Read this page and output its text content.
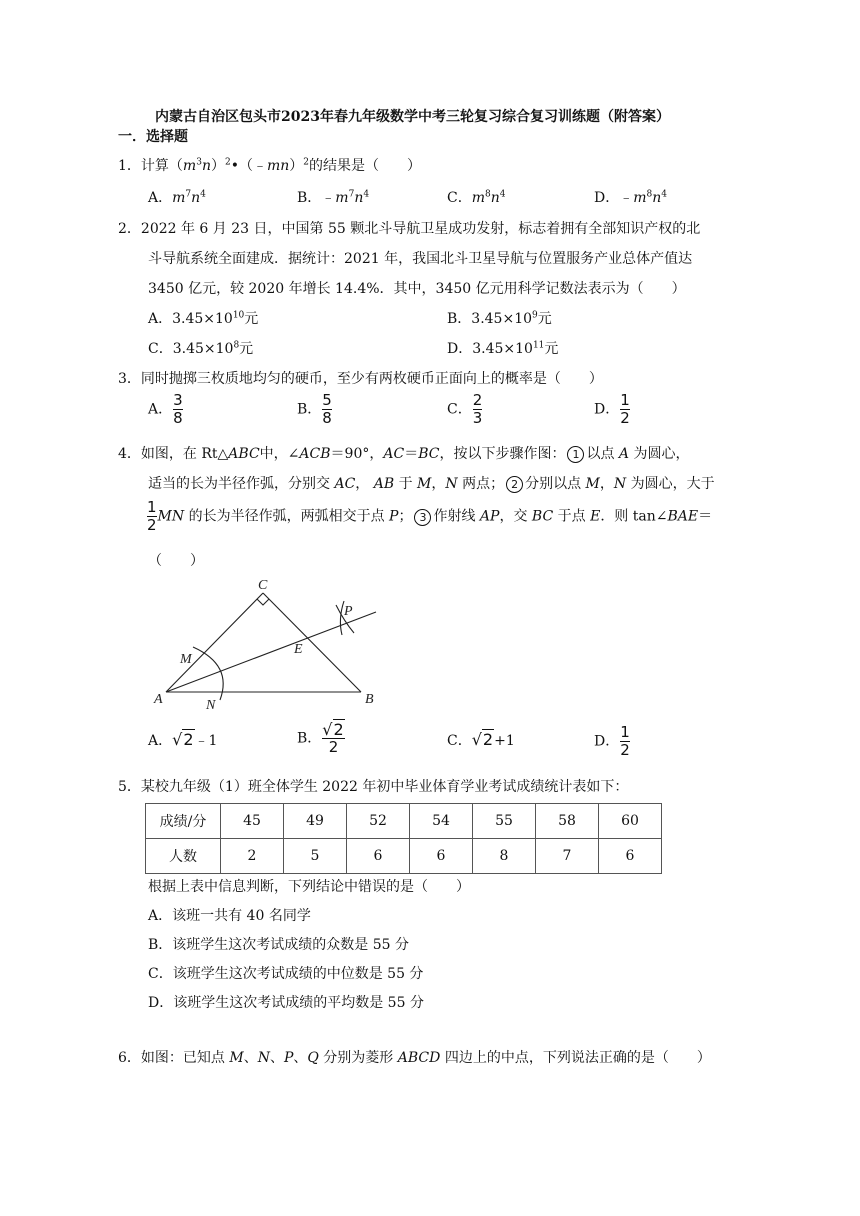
内蒙古自治区包头市2023年春九年级数学中考三轮复习综合复习训练题（附答案）
一．选择题
1．计算$(m^3n)^2•(﹣mn)^2$的结果是（　　）
A．$m^7n^4$	B．$﹣m^7n^4$	C．$m^8n^4$	D．$﹣m^8n^4$
2．2022 年 6 月 23 日，中国第 55 颗北斗导航卫星成功发射，标志着拥有全部知识产权的北
斗导航系统全面建成．据统计：2021 年，我国北斗卫星导航与位置服务产业总体产值达
3450 亿元，较 2020 年增长 14.4%．其中，3450 亿元用科学记数法表示为（　　）
A．$3.45\times 10^{10}$元	B．$3.45\times 10^9$元
C．$3.45\times 10^8$元	D．$3.45\times 10^{11}$元
3．同时抛掷三枚质地均匀的硬币，至少有两枚硬币正面向上的概率是（　　）
A． $\frac{3}{8}$	B． $\frac{5}{8}$	C． $\frac{2}{3}$	D． $\frac{1}{2}$
4．如图，在 Rt△ABC中，∠ACB＝90°，AC＝BC，按以下步骤作图： 1 以点 A 为圆心，
适当的长为半径作弧，分别交 AC， AB 于 M，N 两点； 2 分别以点 M，N 为圆心，大于
$\frac{1}{2}$ MN 的长为半径作弧，两弧相交于点 P； 3 作射线 AP，交 BC 于点 E．则 tan∠BAE＝
（　　）
A	B
C
M
N
E
P
A．√2﹣1	B． $\frac{√2}{2}$	C．√2+1	D． $\frac{1}{2}$
5．某校九年级（1）班全体学生 2022 年初中毕业体育学业考试成绩统计表如下：
成绩/分	45	49	52	54	55	58	60
人数	2	5	6	6	8	7	6
根据上表中信息判断，下列结论中错误的是（　　）
A．该班一共有 40 名同学
B．该班学生这次考试成绩的众数是 55 分
C．该班学生这次考试成绩的中位数是 55 分
D．该班学生这次考试成绩的平均数是 55 分
6．如图：已知点 M、N、P、Q 分别为菱形 ABCD 四边上的中点，下列说法正确的是（　　）
